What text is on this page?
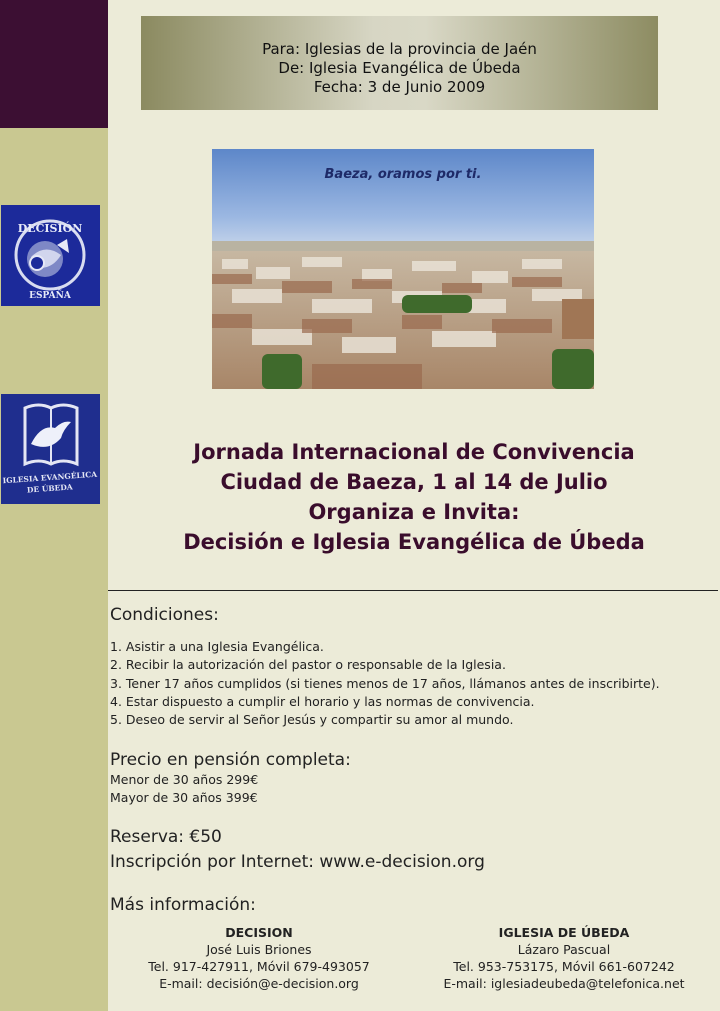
DECISIÓN
ESPAÑA
IGLESIA EVANGÉLICA
DE ÚBEDA
Para: Iglesias de la provincia de Jaén
De: Iglesia Evangélica de Úbeda
Fecha: 3 de Junio 2009
Baeza, oramos por ti.
Jornada Internacional de Convivencia
Ciudad de Baeza, 1 al 14 de Julio
Organiza e Invita:
Decisión e Iglesia Evangélica de Úbeda
Condiciones:
1. Asistir a una Iglesia Evangélica.
2. Recibir la autorización del pastor o responsable de la Iglesia.
3. Tener 17 años cumplidos (si tienes menos de 17 años, llámanos antes de inscribirte).
4. Estar dispuesto a cumplir el horario y las normas de convivencia.
5. Deseo de servir al Señor Jesús y compartir su amor al mundo.
Precio en pensión completa:
Menor de 30 años 299€
Mayor de 30 años 399€
Reserva: €50
Inscripción por Internet: www.e-decision.org
Más información:
DECISION
José Luis Briones
Tel. 917-427911, Móvil 679-493057
E-mail: decisión@e-decision.org
IGLESIA DE ÚBEDA
Lázaro Pascual
Tel. 953-753175, Móvil 661-607242
E-mail: iglesiadeubeda@telefonica.net
